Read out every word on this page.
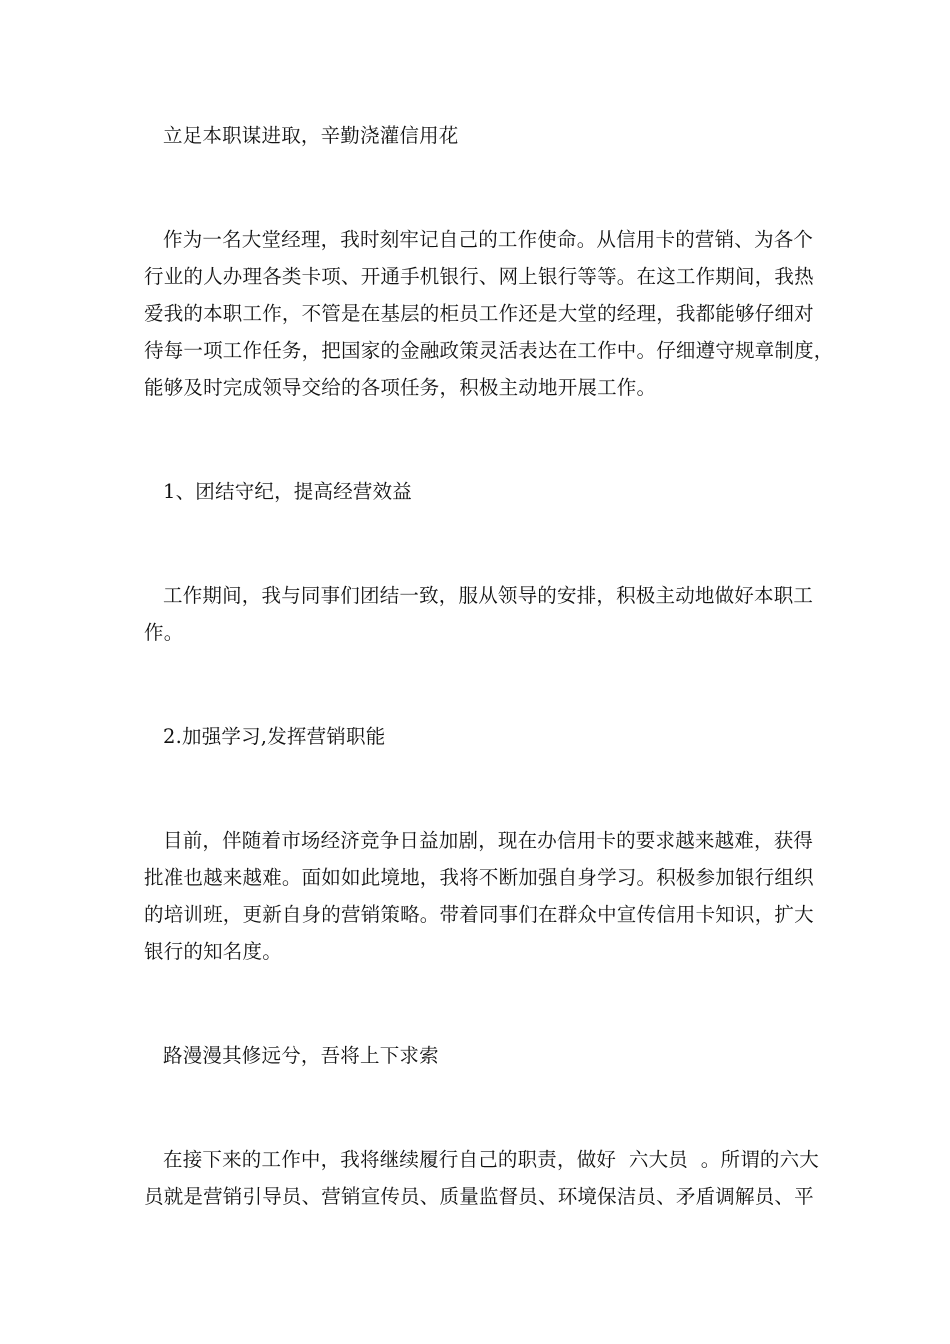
立足本职谋进取，辛勤浇灌信用花
作为一名大堂经理，我时刻牢记自己的工作使命。从信用卡的营销、为各个
行业的人办理各类卡项、开通手机银行、网上银行等等。在这工作期间，我热
爱我的本职工作，不管是在基层的柜员工作还是大堂的经理，我都能够仔细对
待每一项工作任务，把国家的金融政策灵活表达在工作中。仔细遵守规章制度，
能够及时完成领导交给的各项任务，积极主动地开展工作。
1、团结守纪，提高经营效益
工作期间，我与同事们团结一致，服从领导的安排，积极主动地做好本职工
作。
2.加强学习,发挥营销职能
目前，伴随着市场经济竞争日益加剧，现在办信用卡的要求越来越难，获得
批准也越来越难。面如如此境地，我将不断加强自身学习。积极参加银行组织
的培训班，更新自身的营销策略。带着同事们在群众中宣传信用卡知识，扩大
银行的知名度。
路漫漫其修远兮，吾将上下求索
在接下来的工作中，我将继续履行自己的职责，做好  六大员  。所谓的六大
员就是营销引导员、营销宣传员、质量监督员、环境保洁员、矛盾调解员、平
